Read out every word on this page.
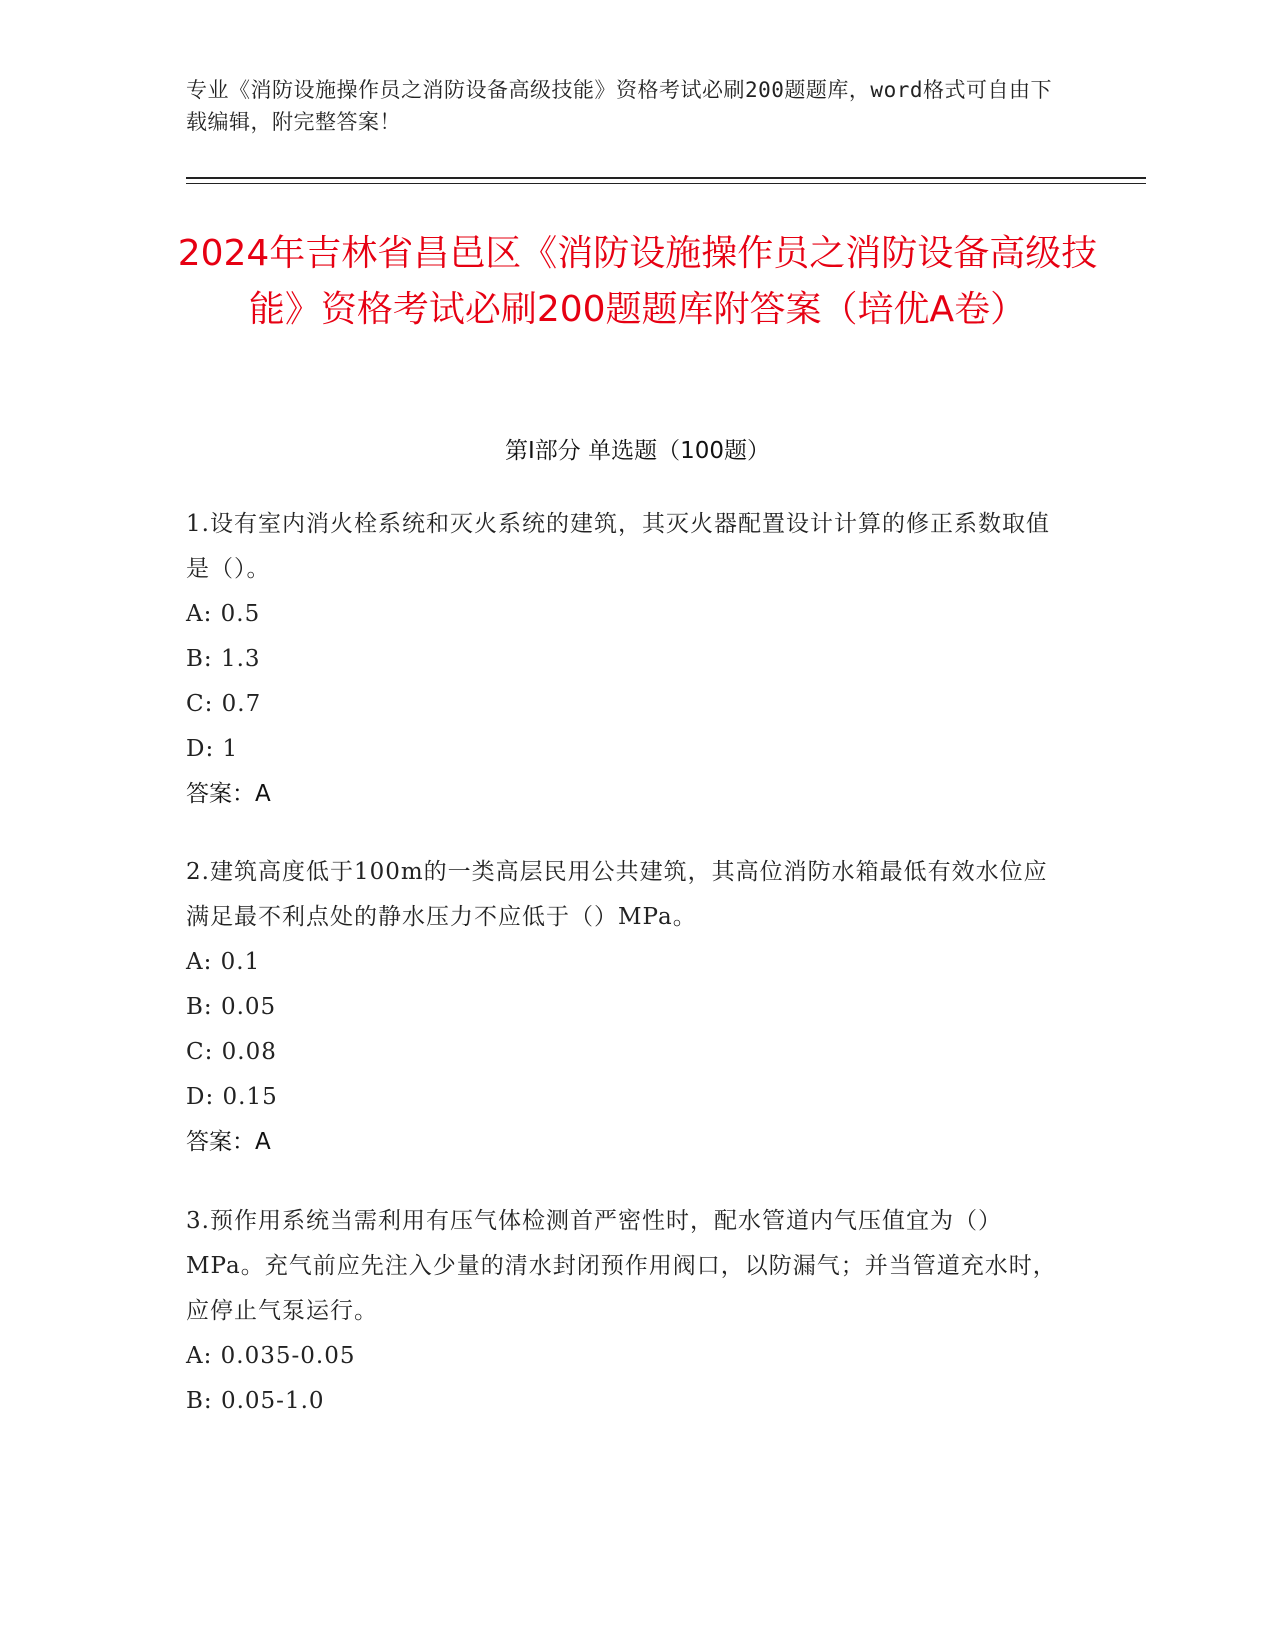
专业《消防设施操作员之消防设备高级技能》资格考试必刷200题题库，word格式可自由下载编辑，附完整答案！
2024年吉林省昌邑区《消防设施操作员之消防设备高级技能》资格考试必刷200题题库附答案（培优A卷）
第I部分 单选题（100题）
1.设有室内消火栓系统和灭火系统的建筑，其灭火器配置设计计算的修正系数取值是（）。
A: 0.5
B: 1.3
C: 0.7
D: 1
答案：A
2.建筑高度低于100m的一类高层民用公共建筑，其高位消防水箱最低有效水位应满足最不利点处的静水压力不应低于（）MPa。
A: 0.1
B: 0.05
C: 0.08
D: 0.15
答案：A
3.预作用系统当需利用有压气体检测首严密性时，配水管道内气压值宜为（）MPa。充气前应先注入少量的清水封闭预作用阀口，以防漏气；并当管道充水时，应停止气泵运行。
A: 0.035-0.05
B: 0.05-1.0
